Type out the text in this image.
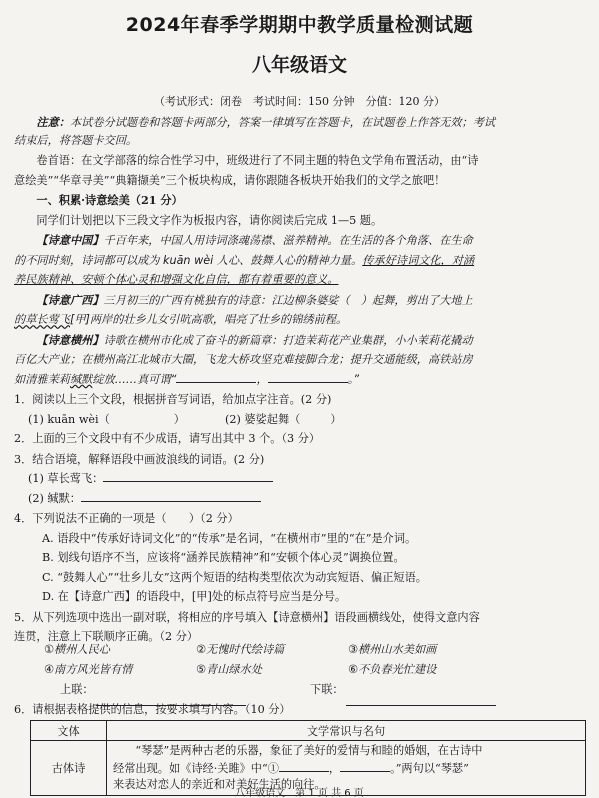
2024年春季学期期中教学质量检测试题
八年级语文
（考试形式：闭卷　考试时间：150 分钟　分值：120 分）
注意：本试卷分试题卷和答题卡两部分，答案一律填写在答题卡，在试题卷上作答无效；考试
结束后，将答题卡交回。
卷首语：在文学部落的综合性学习中，班级进行了不同主题的特色文学角布置活动，由“诗
意绘美”“华章寻美”“典籍撷美”三个板块构成，请你跟随各板块开始我们的文学之旅吧！
一、积累·诗意绘美（21 分）
同学们计划把以下三段文字作为板报内容，请你阅读后完成 1—5 题。
【诗意中国】千百年来，中国人用诗词涤魂荡襟、滋养精神。在生活的各个角落、在生命
的不同时刻，诗词都可以成为 kuān wèi 人心、鼓舞人心的精神力量。传承好诗词文化，对涵
养民族精神、安顿个体心灵和增强文化自信，都有着重要的意义。
【诗意广西】三月初三的广西有桃独有的诗意：江边柳条婆娑（　）起舞，剪出了大地上
的草长莺飞[甲]两岸的壮乡儿女引吭高歌，唱亮了壮乡的锦绣前程。
【诗意横州】诗歌在横州市化成了奋斗的新篇章：打造茉莉花产业集群，小小茉莉花撬动
百亿大产业；在横州高江北城市大圈，飞龙大桥攻坚克难接脚合龙；提升交通能级，高铁站房
如清雅茉莉缄默绽放……真可谓“	，	。”
1．阅读以上三个文段，根据拼音写词语，给加点字注音。(2 分)
(1) kuān wèi（	）	(2) 婆娑起舞（	）
2．上面的三个文段中有不少成语，请写出其中 3 个。（3 分）
3．结合语境，解释语段中画波浪线的词语。(2 分)
(1) 草长莺飞：
(2) 缄默：
4．下列说法不正确的一项是（　　）（2 分）
A. 语段中“传承好诗词文化”的“传承”是名词，“在横州市”里的“在”是介词。
B. 划线句语序不当，应该将“涵养民族精神”和“安顿个体心灵”调换位置。
C. “鼓舞人心”“壮乡儿女”这两个短语的结构类型依次为动宾短语、偏正短语。
D. 在【诗意广西】的语段中，[甲]处的标点符号应当是分号。
5．从下列选项中选出一副对联，将相应的序号填入【诗意横州】语段画横线处，使得文意内容
连贯，注意上下联顺序正确。（2 分）
①横州人民心	②无愧时代绘诗篇	③横州山水美如画
八年级语文　第 1 页 共 6 页
④南方风光皆有情	⑤青山绿水处	⑥不负春光忙建设
上联：	下联：
6．请根据表格提供的信息，按要求填写内容。（10 分）
文体	文学常识与名句
古体诗	“琴瑟”是两种古老的乐器，象征了美好的爱情与和睦的婚姻，在古诗中
经常出现。如《诗经·关雎》中“① ， 。”两句以“琴瑟”
来表达对恋人的亲近和对美好生活的向往。
